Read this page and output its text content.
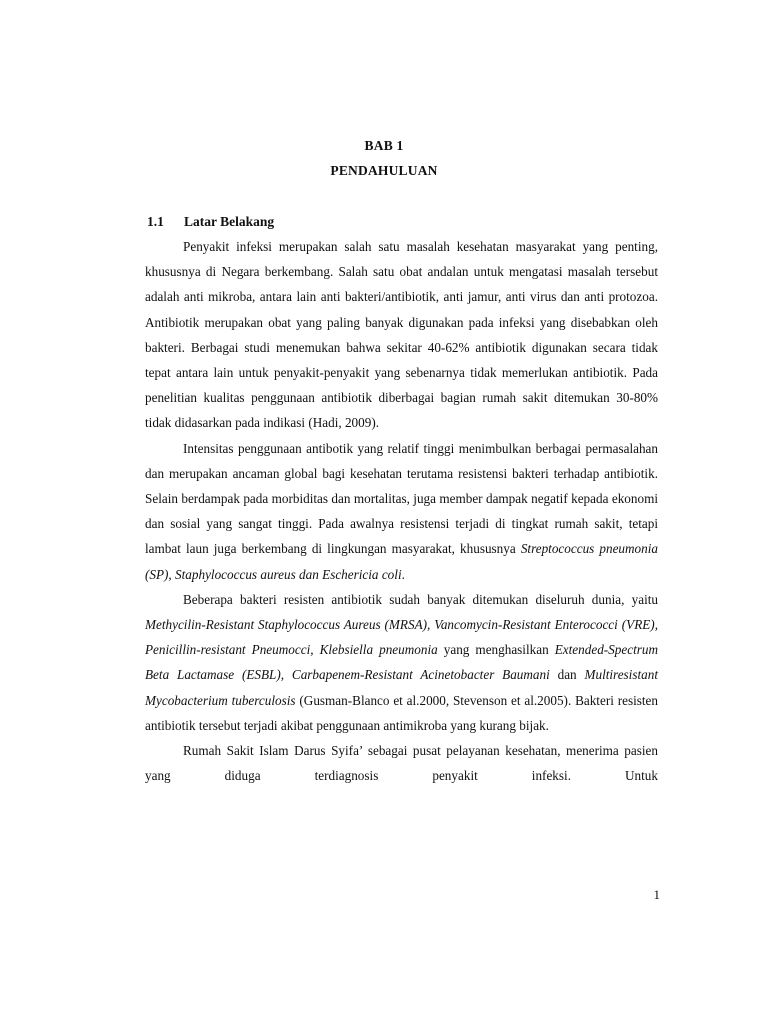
BAB 1
PENDAHULUAN
1.1 Latar Belakang

Penyakit infeksi merupakan salah satu masalah kesehatan masyarakat yang penting, khususnya di Negara berkembang. Salah satu obat andalan untuk mengatasi masalah tersebut adalah anti mikroba, antara lain anti bakteri/antibiotik, anti jamur, anti virus dan anti protozoa. Antibiotik merupakan obat yang paling banyak digunakan pada infeksi yang disebabkan oleh bakteri. Berbagai studi menemukan bahwa sekitar 40-62% antibiotik digunakan secara tidak tepat antara lain untuk penyakit-penyakit yang sebenarnya tidak memerlukan antibiotik. Pada penelitian kualitas penggunaan antibiotik diberbagai bagian rumah sakit ditemukan 30-80% tidak didasarkan pada indikasi (Hadi, 2009).

Intensitas penggunaan antibotik yang relatif tinggi menimbulkan berbagai permasalahan dan merupakan ancaman global bagi kesehatan terutama resistensi bakteri terhadap antibiotik. Selain berdampak pada morbiditas dan mortalitas, juga member dampak negatif kepada ekonomi dan sosial yang sangat tinggi. Pada awalnya resistensi terjadi di tingkat rumah sakit, tetapi lambat laun juga berkembang di lingkungan masyarakat, khususnya Streptococcus pneumonia (SP), Staphylococcus aureus dan Eschericia coli.

Beberapa bakteri resisten antibiotik sudah banyak ditemukan diseluruh dunia, yaitu Methycilin-Resistant Staphylococcus Aureus (MRSA), Vancomycin-Resistant Enterococci (VRE), Penicillin-resistant Pneumocci, Klebsiella pneumonia yang menghasilkan Extended-Spectrum Beta Lactamase (ESBL), Carbapenem-Resistant Acinetobacter Baumani dan Multiresistant Mycobacterium tuberculosis (Gusman-Blanco et al.2000, Stevenson et al.2005). Bakteri resisten antibiotik tersebut terjadi akibat penggunaan antimikroba yang kurang bijak.

Rumah Sakit Islam Darus Syifa’ sebagai pusat pelayanan kesehatan, menerima pasien yang diduga terdiagnosis penyakit infeksi. Untuk

1
